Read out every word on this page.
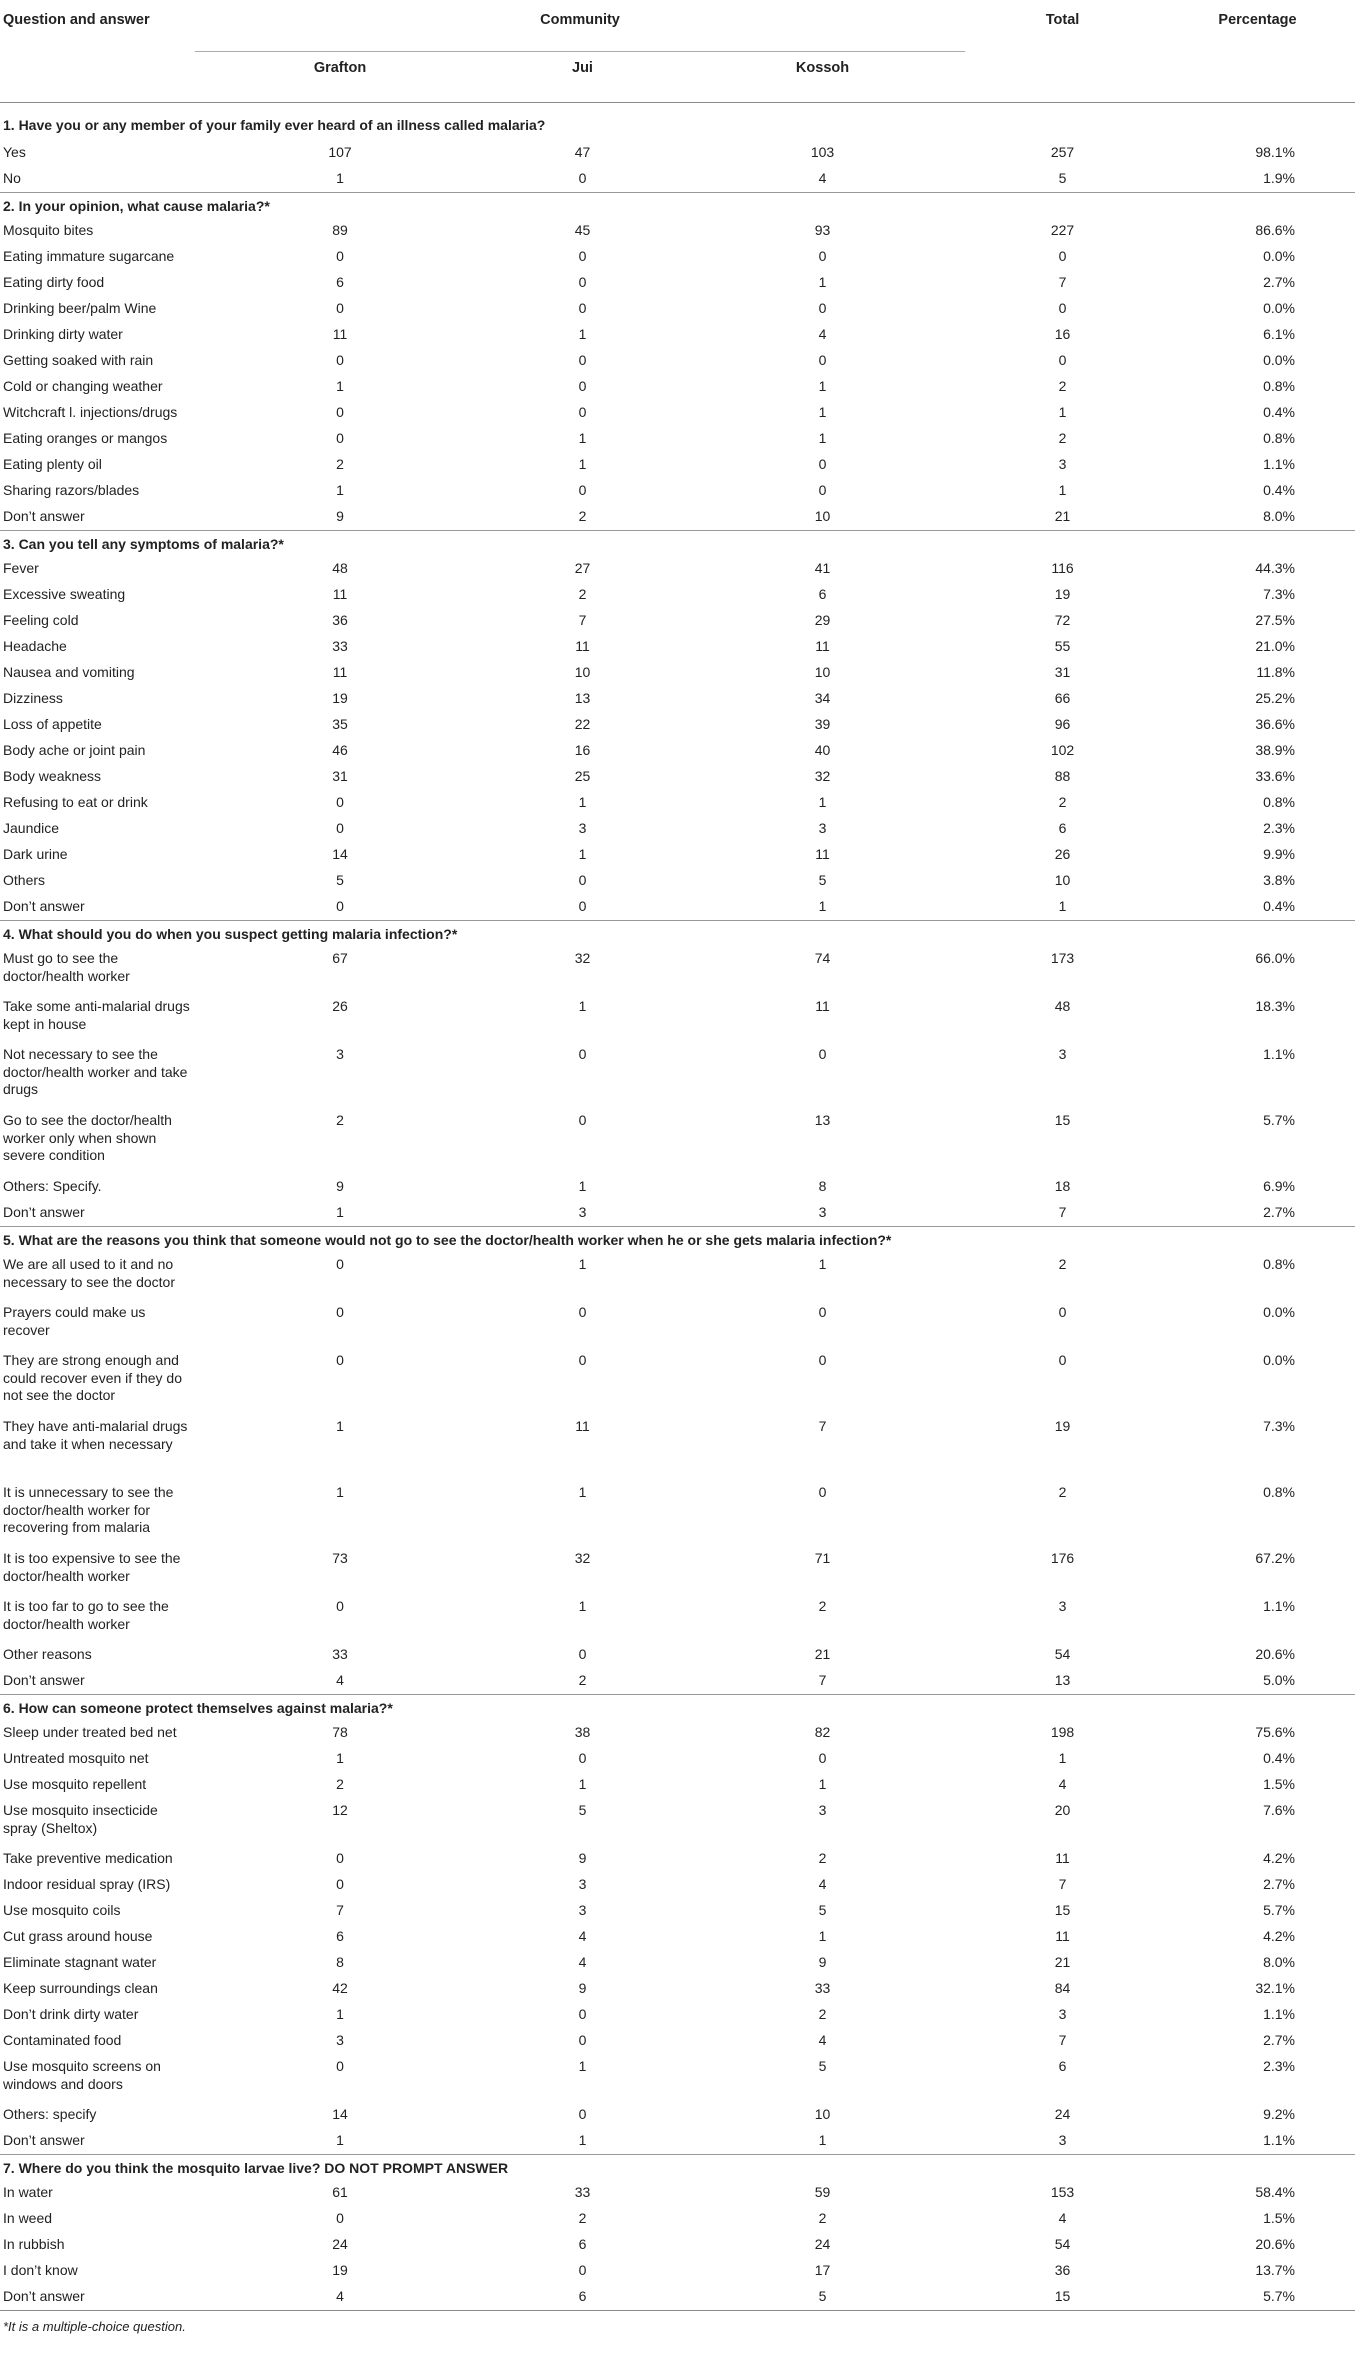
Question and answer	Community			Total	Percentage
	Grafton	Jui	Kossoh		
1. Have you or any member of your family ever heard of an illness called malaria?					
Yes	107	47	103	257	98.1%
No	1	0	4	5	1.9%
2. In your opinion, what cause malaria?*					
Mosquito bites	89	45	93	227	86.6%
Eating immature sugarcane	0	0	0	0	0.0%
Eating dirty food	6	0	1	7	2.7%
Drinking beer/palm Wine	0	0	0	0	0.0%
Drinking dirty water	11	1	4	16	6.1%
Getting soaked with rain	0	0	0	0	0.0%
Cold or changing weather	1	0	1	2	0.8%
Witchcraft l. injections/drugs	0	0	1	1	0.4%
Eating oranges or mangos	0	1	1	2	0.8%
Eating plenty oil	2	1	0	3	1.1%
Sharing razors/blades	1	0	0	1	0.4%
Don’t answer	9	2	10	21	8.0%
3. Can you tell any symptoms of malaria?*					
Fever	48	27	41	116	44.3%
Excessive sweating	11	2	6	19	7.3%
Feeling cold	36	7	29	72	27.5%
Headache	33	11	11	55	21.0%
Nausea and vomiting	11	10	10	31	11.8%
Dizziness	19	13	34	66	25.2%
Loss of appetite	35	22	39	96	36.6%
Body ache or joint pain	46	16	40	102	38.9%
Body weakness	31	25	32	88	33.6%
Refusing to eat or drink	0	1	1	2	0.8%
Jaundice	0	3	3	6	2.3%
Dark urine	14	1	11	26	9.9%
Others	5	0	5	10	3.8%
Don’t answer	0	0	1	1	0.4%
4. What should you do when you suspect getting malaria infection?*					
Must go to see the doctor/health worker	67	32	74	173	66.0%
Take some anti-malarial drugs kept in house	26	1	11	48	18.3%
Not necessary to see the doctor/health worker and take drugs	3	0	0	3	1.1%
Go to see the doctor/health worker only when shown severe condition	2	0	13	15	5.7%
Others: Specify.	9	1	8	18	6.9%
Don’t answer	1	3	3	7	2.7%
5. What are the reasons you think that someone would not go to see the doctor/health worker when he or she gets malaria infection?*					
We are all used to it and no necessary to see the doctor	0	1	1	2	0.8%
Prayers could make us recover	0	0	0	0	0.0%
They are strong enough and could recover even if they do not see the doctor	0	0	0	0	0.0%
They have anti-malarial drugs and take it when necessary	1	11	7	19	7.3%
It is unnecessary to see the doctor/health worker for recovering from malaria	1	1	0	2	0.8%
It is too expensive to see the doctor/health worker	73	32	71	176	67.2%
It is too far to go to see the doctor/health worker	0	1	2	3	1.1%
Other reasons	33	0	21	54	20.6%
Don’t answer	4	2	7	13	5.0%
6. How can someone protect themselves against malaria?*					
Sleep under treated bed net	78	38	82	198	75.6%
Untreated mosquito net	1	0	0	1	0.4%
Use mosquito repellent	2	1	1	4	1.5%
Use mosquito insecticide spray (Sheltox)	12	5	3	20	7.6%
Take preventive medication	0	9	2	11	4.2%
Indoor residual spray (IRS)	0	3	4	7	2.7%
Use mosquito coils	7	3	5	15	5.7%
Cut grass around house	6	4	1	11	4.2%
Eliminate stagnant water	8	4	9	21	8.0%
Keep surroundings clean	42	9	33	84	32.1%
Don’t drink dirty water	1	0	2	3	1.1%
Contaminated food	3	0	4	7	2.7%
Use mosquito screens on windows and doors	0	1	5	6	2.3%
Others: specify	14	0	10	24	9.2%
Don’t answer	1	1	1	3	1.1%
7. Where do you think the mosquito larvae live? DO NOT PROMPT ANSWER					
In water	61	33	59	153	58.4%
In weed	0	2	2	4	1.5%
In rubbish	24	6	24	54	20.6%
I don’t know	19	0	17	36	13.7%
Don’t answer	4	6	5	15	5.7%
*It is a multiple-choice question.
